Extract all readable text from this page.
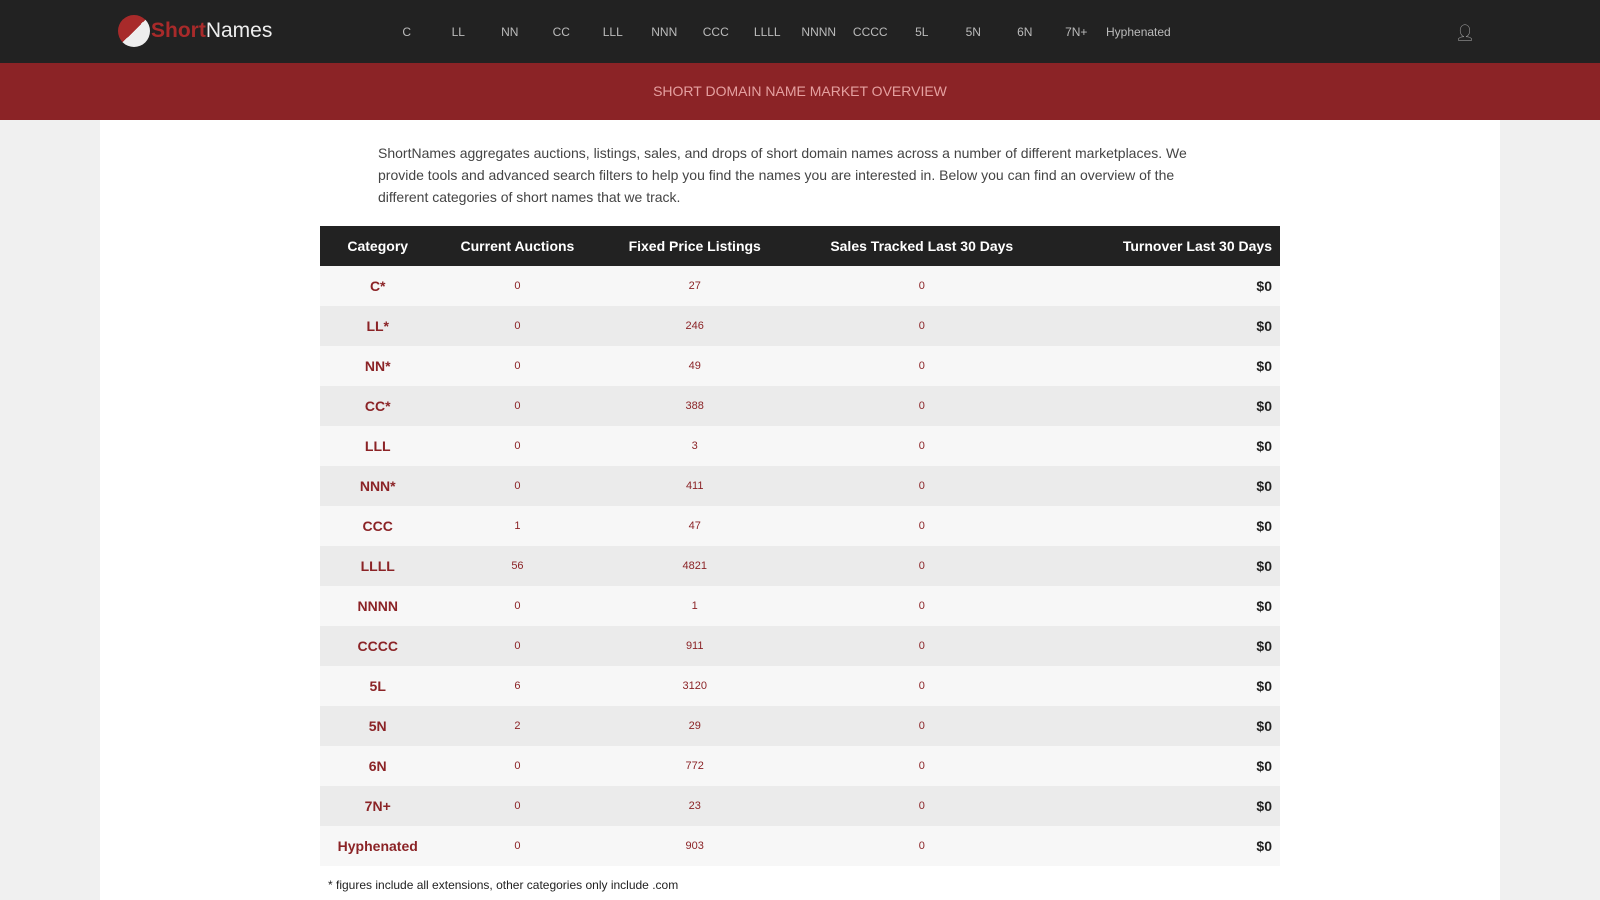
Short Names	C	LL	NN	CC	LLL	NNN	CCC	LLLL	NNNN	CCCC	5L	5N	6N	7N+	Hyphenated	👤︎
SHORT DOMAIN NAME MARKET OVERVIEW

ShortNames aggregates auctions, listings, sales, and drops of short domain names across a number of different marketplaces. We provide tools and advanced search filters to help you find the names you are interested in. Below you can find an overview of the different categories of short names that we track.

Category	Current Auctions	Fixed Price Listings	Sales Tracked Last 30 Days	Turnover Last 30 Days
C*	0	27	0	$0
LL*	0	246	0	$0
NN*	0	49	0	$0
CC*	0	388	0	$0
LLL	0	3	0	$0
NNN*	0	411	0	$0
CCC	1	47	0	$0
LLLL	56	4821	0	$0
NNNN	0	1	0	$0
CCCC	0	911	0	$0
5L	6	3120	0	$0
5N	2	29	0	$0
6N	0	772	0	$0
7N+	0	23	0	$0
Hyphenated	0	903	0	$0
* figures include all extensions, other categories only include .com
